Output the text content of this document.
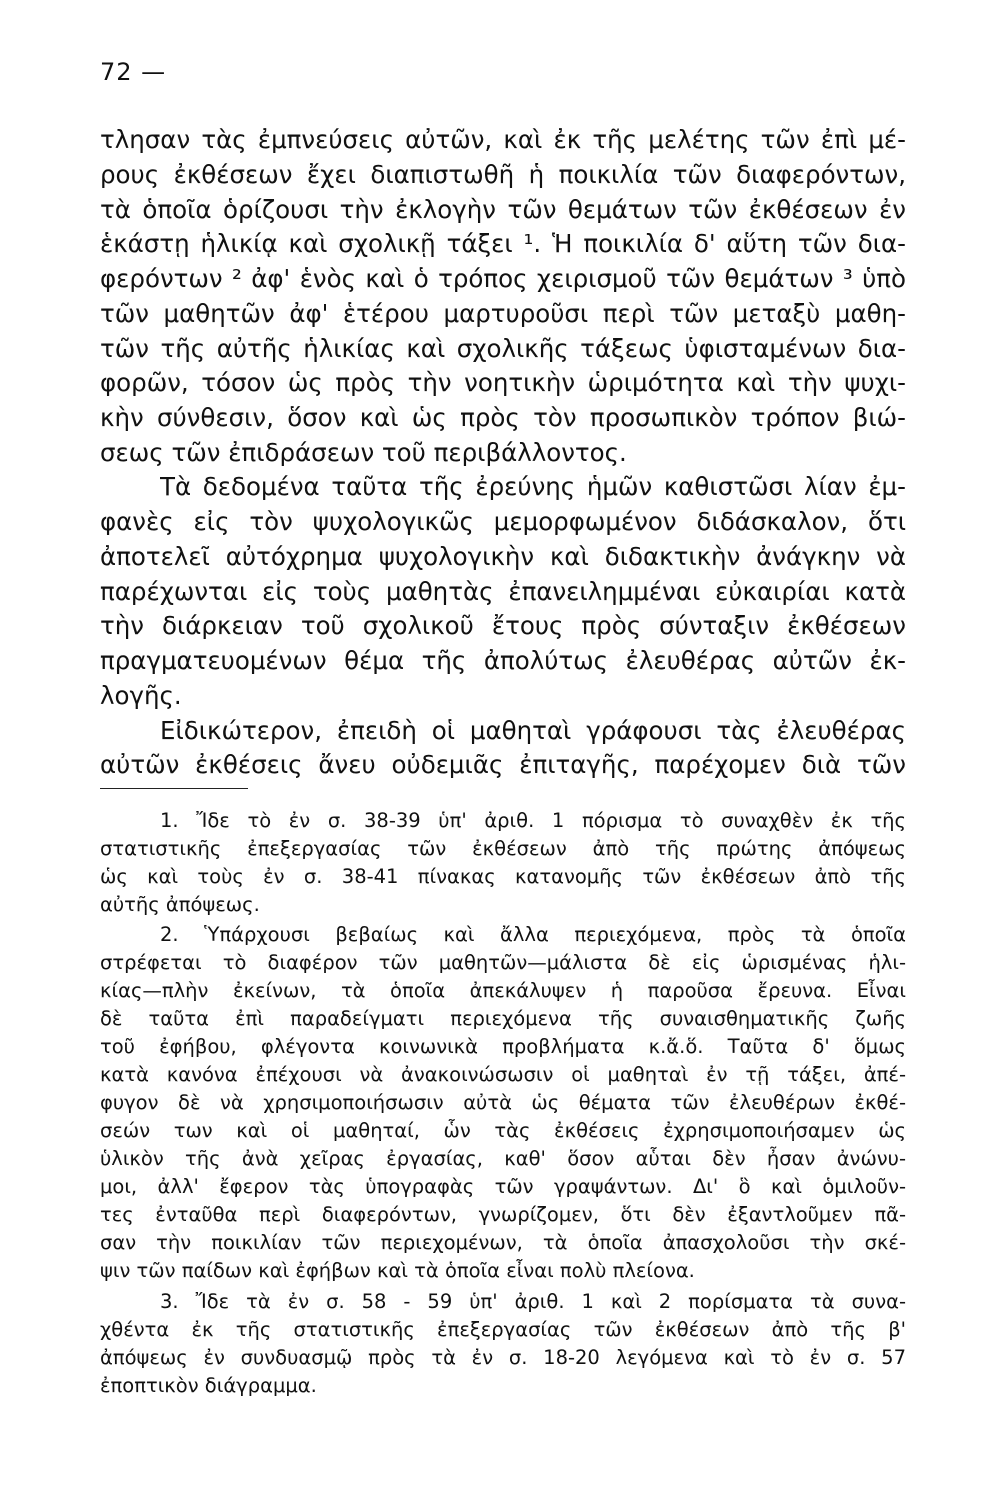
72 —
τλησαν τὰς ἐμπνεύσεις αὐτῶν, καὶ ἐκ τῆς μελέτης τῶν ἐπὶ μέ-
ρους ἐκθέσεων ἔχει διαπιστωθῆ ἡ ποικιλία τῶν διαφερόντων,
τὰ ὁποῖα ὁρίζουσι τὴν ἐκλογὴν τῶν θεμάτων τῶν ἐκθέσεων ἐν
ἑκάστῃ ἡλικίᾳ καὶ σχολικῇ τάξει ¹. Ἡ ποικιλία δ' αὕτη τῶν δια-
φερόντων ² ἀφ' ἑνὸς καὶ ὁ τρόπος χειρισμοῦ τῶν θεμάτων ³ ὑπὸ
τῶν μαθητῶν ἀφ' ἑτέρου μαρτυροῦσι περὶ τῶν μεταξὺ μαθη-
τῶν τῆς αὐτῆς ἡλικίας καὶ σχολικῆς τάξεως ὑφισταμένων δια-
φορῶν, τόσον ὡς πρὸς τὴν νοητικὴν ὡριμότητα καὶ τὴν ψυχι-
κὴν σύνθεσιν, ὅσον καὶ ὡς πρὸς τὸν προσωπικὸν τρόπον βιώ-
σεως τῶν ἐπιδράσεων τοῦ περιβάλλοντος.
Τὰ δεδομένα ταῦτα τῆς ἐρεύνης ἡμῶν καθιστῶσι λίαν ἐμ-
φανὲς εἰς τὸν ψυχολογικῶς μεμορφωμένον διδάσκαλον, ὅτι
ἀποτελεῖ αὐτόχρημα ψυχολογικὴν καὶ διδακτικὴν ἀνάγκην νὰ
παρέχωνται εἰς τοὺς μαθητὰς ἐπανειλημμέναι εὐκαιρίαι κατὰ
τὴν διάρκειαν τοῦ σχολικοῦ ἔτους πρὸς σύνταξιν ἐκθέσεων
πραγματευομένων θέμα τῆς ἀπολύτως ἐλευθέρας αὐτῶν ἐκ-
λογῆς.
Εἰδικώτερον, ἐπειδὴ οἱ μαθηταὶ γράφουσι τὰς ἐλευθέρας
αὐτῶν ἐκθέσεις ἄνευ οὐδεμιᾶς ἐπιταγῆς, παρέχομεν διὰ τῶν
1. Ἴδε τὸ ἐν σ. 38-39 ὑπ' ἀριθ. 1 πόρισμα τὸ συναχθὲν ἐκ τῆς
στατιστικῆς ἐπεξεργασίας τῶν ἐκθέσεων ἀπὸ τῆς πρώτης ἀπόψεως
ὡς καὶ τοὺς ἐν σ. 38-41 πίνακας κατανομῆς τῶν ἐκθέσεων ἀπὸ τῆς
αὐτῆς ἀπόψεως.
2. Ὑπάρχουσι βεβαίως καὶ ἄλλα περιεχόμενα, πρὸς τὰ ὁποῖα
στρέφεται τὸ διαφέρον τῶν μαθητῶν—μάλιστα δὲ εἰς ὡρισμένας ἡλι-
κίας—πλὴν ἐκείνων, τὰ ὁποῖα ἀπεκάλυψεν ἡ παροῦσα ἔρευνα. Εἶναι
δὲ ταῦτα ἐπὶ παραδείγματι περιεχόμενα τῆς συναισθηματικῆς ζωῆς
τοῦ ἐφήβου, φλέγοντα κοινωνικὰ προβλήματα κ.ἄ.ὅ. Ταῦτα δ' ὅμως
κατὰ κανόνα ἐπέχουσι νὰ ἀνακοινώσωσιν οἱ μαθηταὶ ἐν τῇ τάξει, ἀπέ-
φυγον δὲ νὰ χρησιμοποιήσωσιν αὐτὰ ὡς θέματα τῶν ἐλευθέρων ἐκθέ-
σεών των καὶ οἱ μαθηταί, ὧν τὰς ἐκθέσεις ἐχρησιμοποιήσαμεν ὡς
ὑλικὸν τῆς ἀνὰ χεῖρας ἐργασίας, καθ' ὅσον αὗται δὲν ἦσαν ἀνώνυ-
μοι, ἀλλ' ἔφερον τὰς ὑπογραφὰς τῶν γραψάντων. Δι' ὃ καὶ ὁμιλοῦν-
τες ἐνταῦθα περὶ διαφερόντων, γνωρίζομεν, ὅτι δὲν ἐξαντλοῦμεν πᾶ-
σαν τὴν ποικιλίαν τῶν περιεχομένων, τὰ ὁποῖα ἀπασχολοῦσι τὴν σκέ-
ψιν τῶν παίδων καὶ ἐφήβων καὶ τὰ ὁποῖα εἶναι πολὺ πλείονα.
3. Ἴδε τὰ ἐν σ. 58 - 59 ὑπ' ἀριθ. 1 καὶ 2 πορίσματα τὰ συνα-
χθέντα ἐκ τῆς στατιστικῆς ἐπεξεργασίας τῶν ἐκθέσεων ἀπὸ τῆς β'
ἀπόψεως ἐν συνδυασμῷ πρὸς τὰ ἐν σ. 18-20 λεγόμενα καὶ τὸ ἐν σ. 57
ἐποπτικὸν διάγραμμα.
